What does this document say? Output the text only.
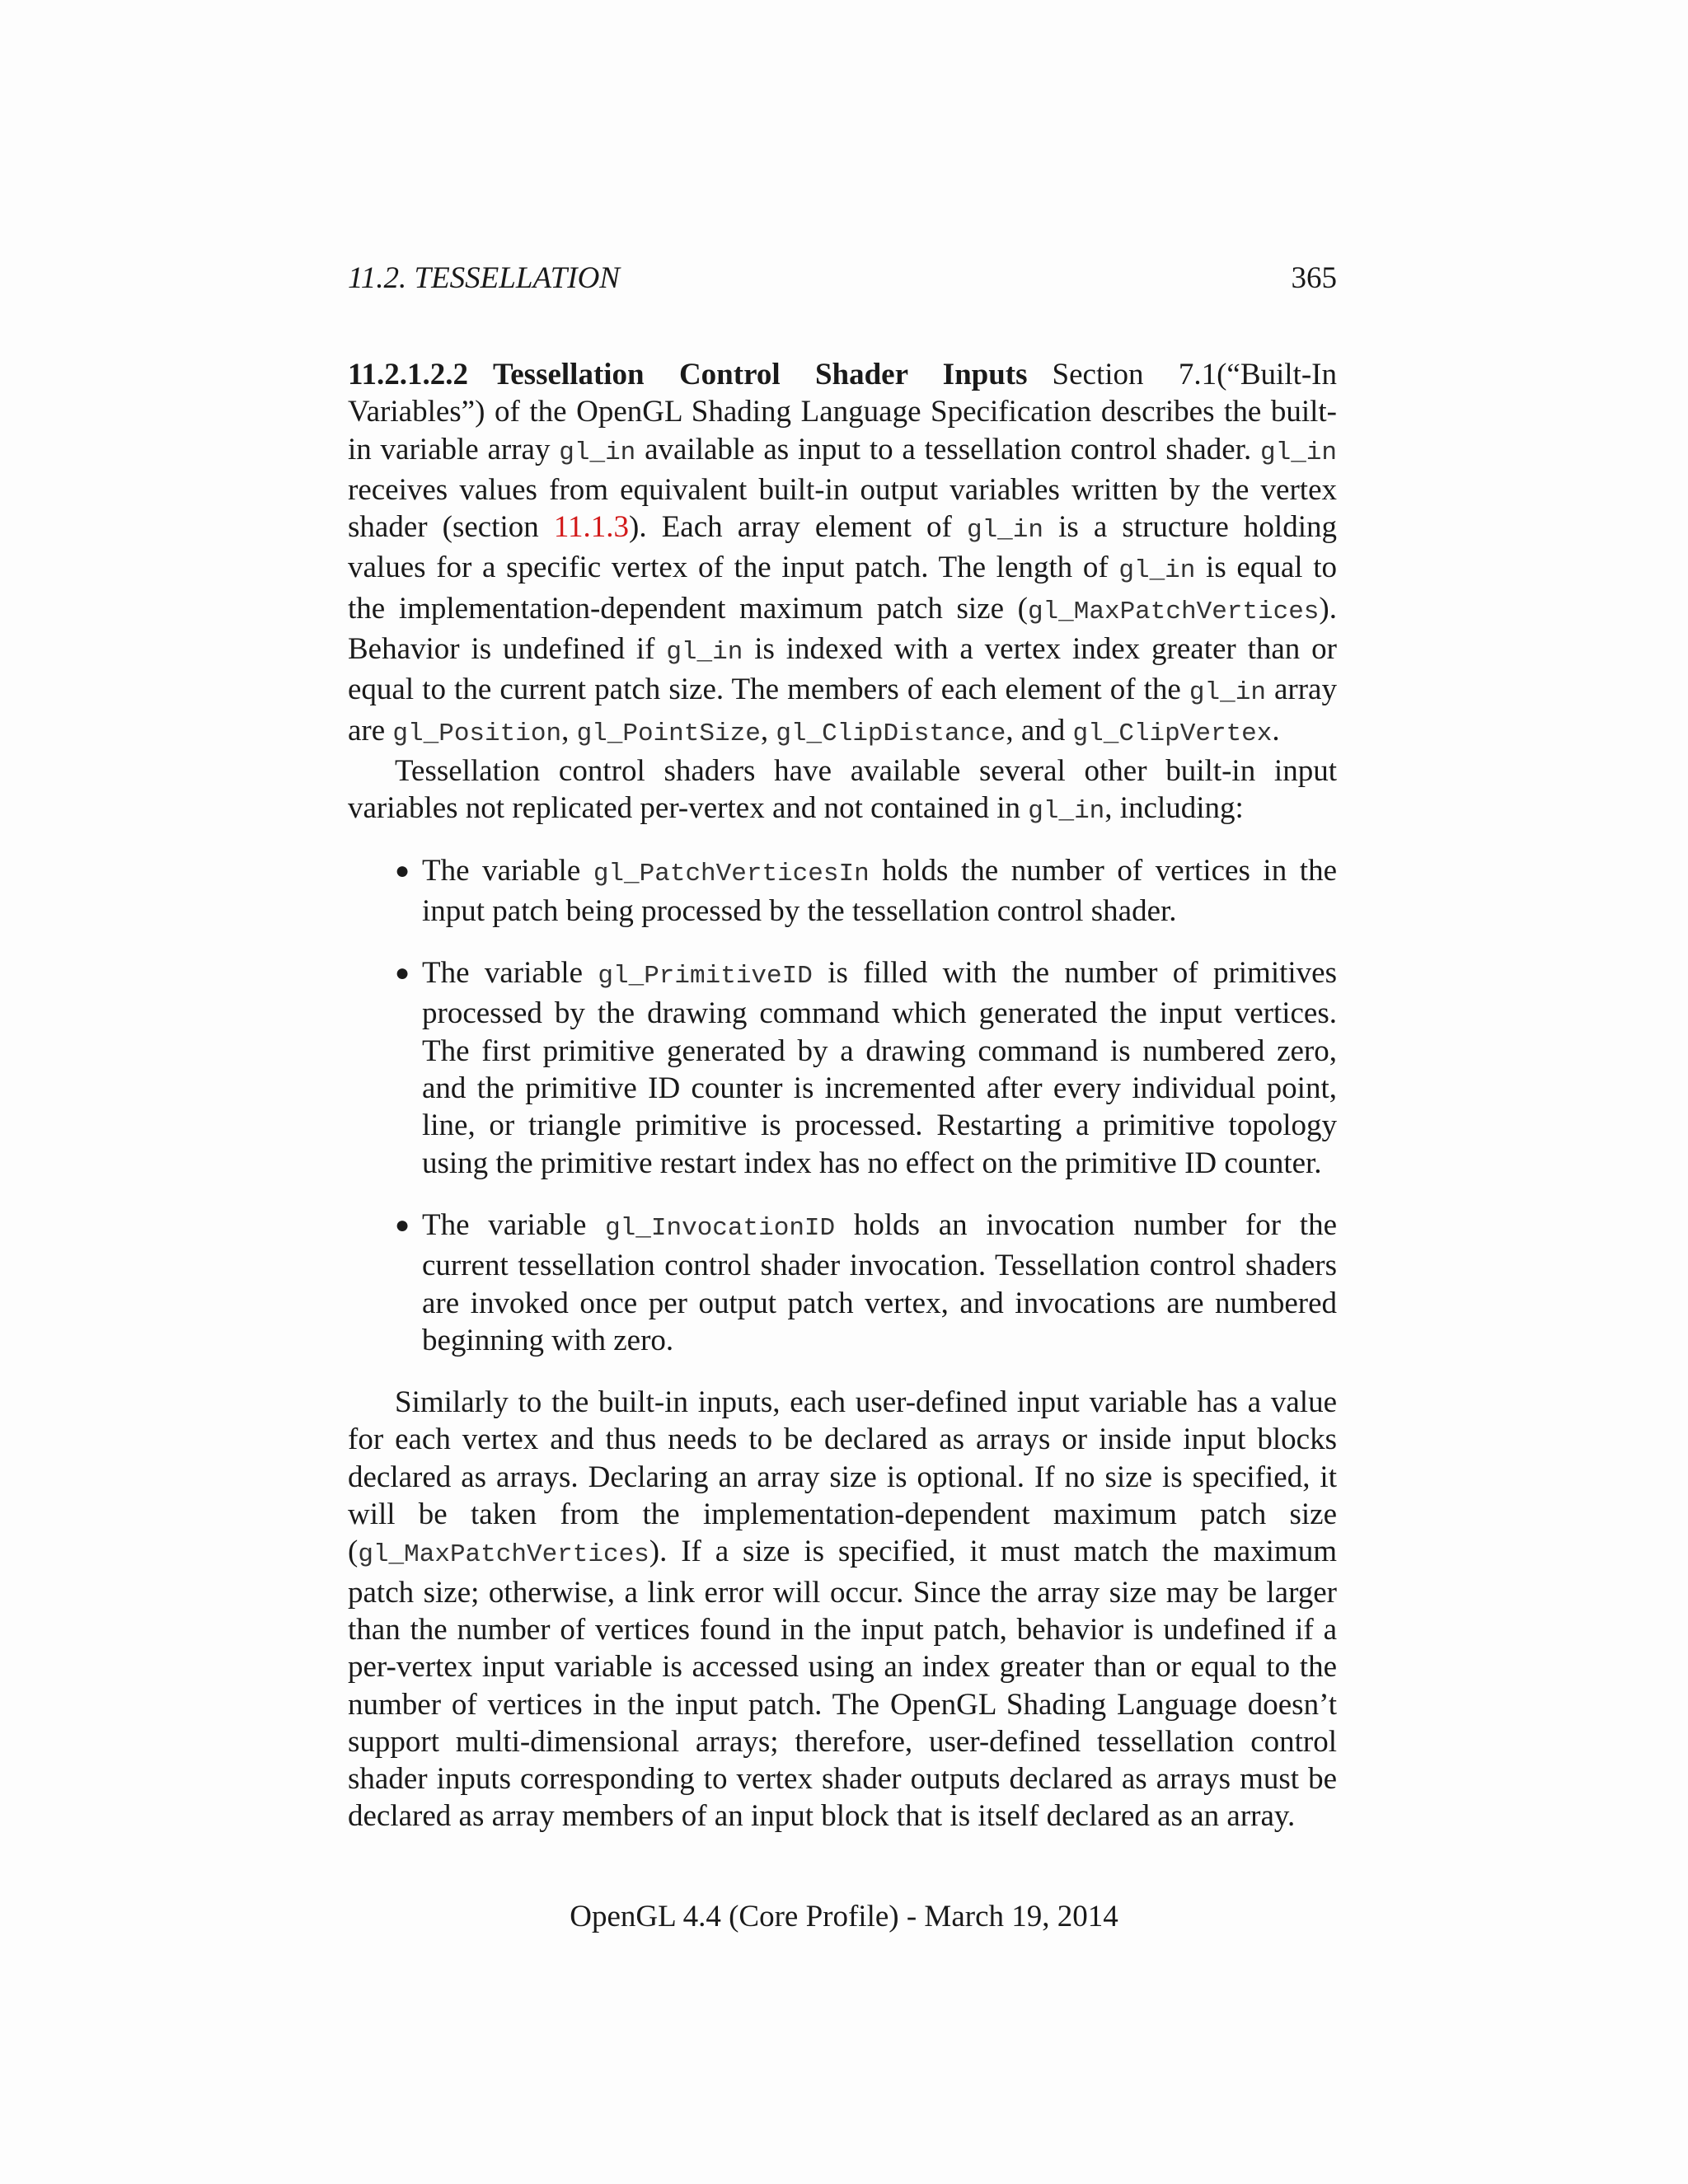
11.2. TESSELLATION	365

11.2.1.2.2 Tessellation Control Shader Inputs Section 7.1(“Built-In Variables”) of the OpenGL Shading Language Specification describes the built-in variable array gl_in available as input to a tessellation control shader. gl_in receives values from equivalent built-in output variables written by the vertex shader (section 11.1.3). Each array element of gl_in is a structure holding values for a specific vertex of the input patch. The length of gl_in is equal to the implementation-dependent maximum patch size (gl_MaxPatchVertices). Behavior is undefined if gl_in is indexed with a vertex index greater than or equal to the current patch size. The members of each element of the gl_in array are gl_Position, gl_PointSize, gl_ClipDistance, and gl_ClipVertex.

Tessellation control shaders have available several other built-in input variables not replicated per-vertex and not contained in gl_in, including:

● The variable gl_PatchVerticesIn holds the number of vertices in the input patch being processed by the tessellation control shader.
● The variable gl_PrimitiveID is filled with the number of primitives processed by the drawing command which generated the input vertices. The first primitive generated by a drawing command is numbered zero, and the primitive ID counter is incremented after every individual point, line, or triangle primitive is processed. Restarting a primitive topology using the primitive restart index has no effect on the primitive ID counter.
● The variable gl_InvocationID holds an invocation number for the current tessellation control shader invocation. Tessellation control shaders are invoked once per output patch vertex, and invocations are numbered beginning with zero.

Similarly to the built-in inputs, each user-defined input variable has a value for each vertex and thus needs to be declared as arrays or inside input blocks declared as arrays. Declaring an array size is optional. If no size is specified, it will be taken from the implementation-dependent maximum patch size (gl_MaxPatchVertices). If a size is specified, it must match the maximum patch size; otherwise, a link error will occur. Since the array size may be larger than the number of vertices found in the input patch, behavior is undefined if a per-vertex input variable is accessed using an index greater than or equal to the number of vertices in the input patch. The OpenGL Shading Language doesn’t support multi-dimensional arrays; therefore, user-defined tessellation control shader inputs corresponding to vertex shader outputs declared as arrays must be declared as array members of an input block that is itself declared as an array.

OpenGL 4.4 (Core Profile) - March 19, 2014
